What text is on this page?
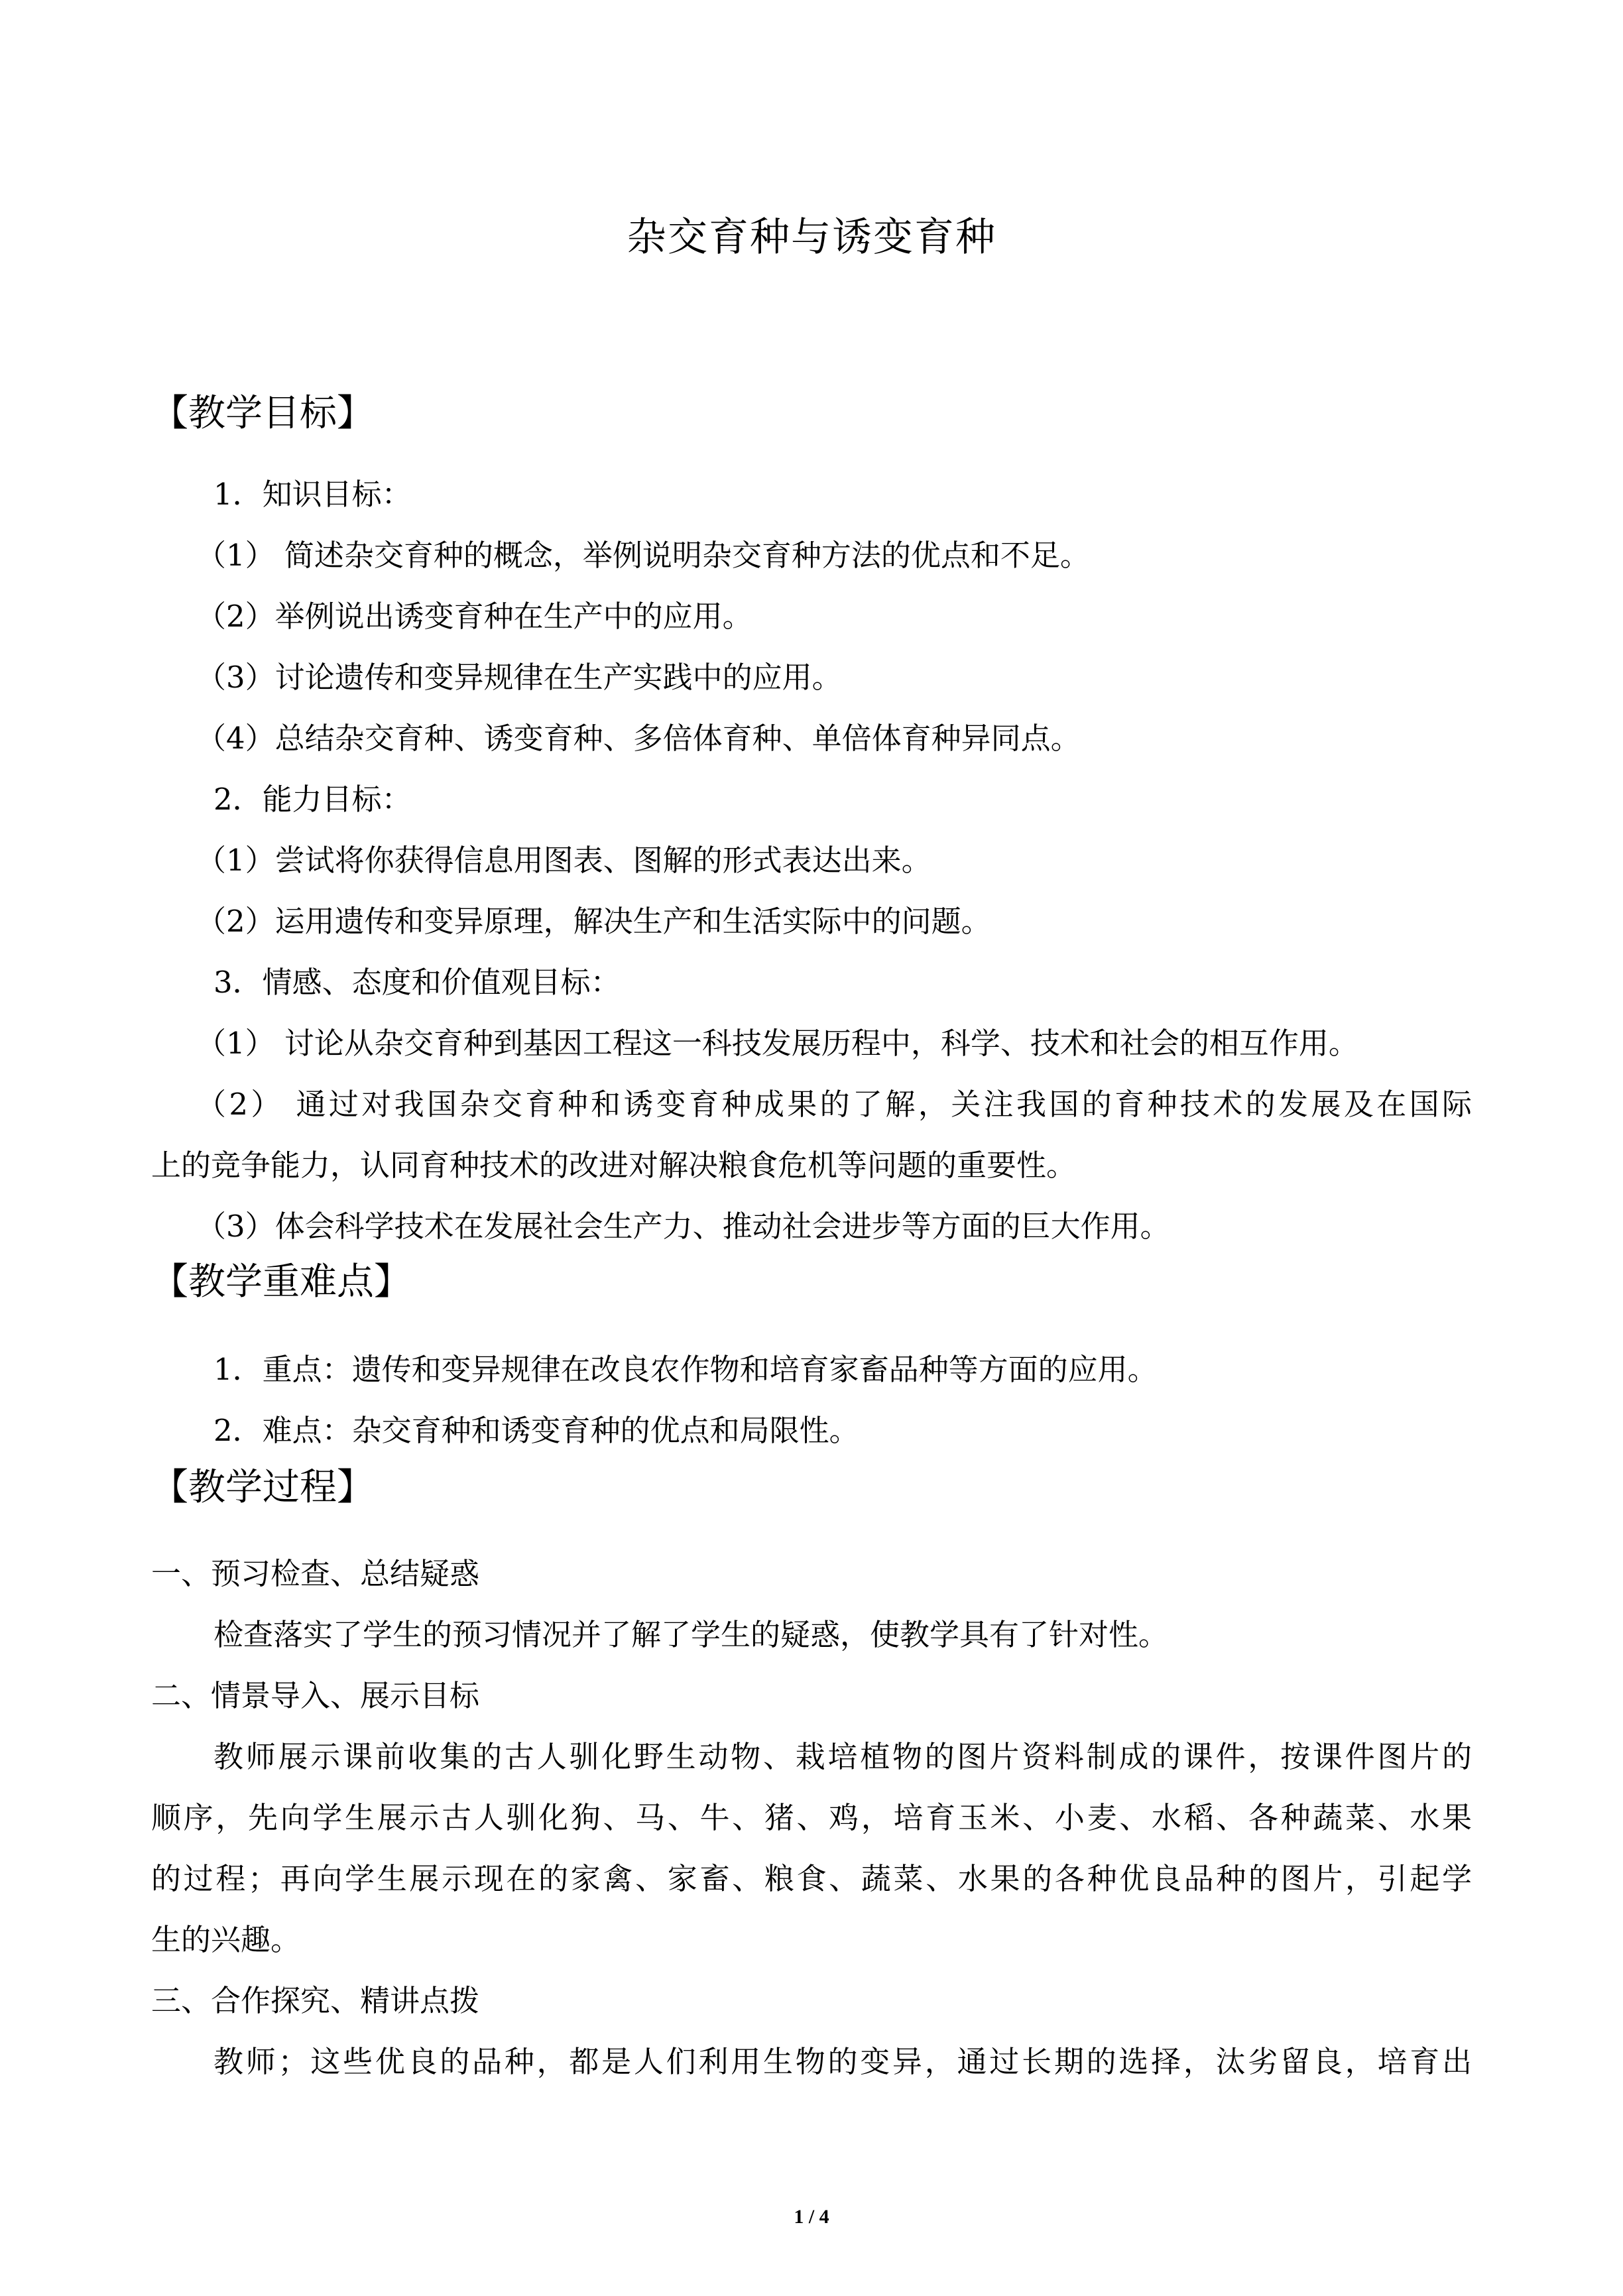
杂交育种与诱变育种
【教学目标】
1．知识目标：
（1） 简述杂交育种的概念，举例说明杂交育种方法的优点和不足。
（2）举例说出诱变育种在生产中的应用。
（3）讨论遗传和变异规律在生产实践中的应用。
（4）总结杂交育种、诱变育种、多倍体育种、单倍体育种异同点。
2．能力目标：
（1）尝试将你获得信息用图表、图解的形式表达出来。
（2）运用遗传和变异原理，解决生产和生活实际中的问题。
3．情感、态度和价值观目标：
（1） 讨论从杂交育种到基因工程这一科技发展历程中，科学、技术和社会的相互作用。
（2） 通过对我国杂交育种和诱变育种成果的了解，关注我国的育种技术的发展及在国际
上的竞争能力，认同育种技术的改进对解决粮食危机等问题的重要性。
（3）体会科学技术在发展社会生产力、推动社会进步等方面的巨大作用。
【教学重难点】
1．重点：遗传和变异规律在改良农作物和培育家畜品种等方面的应用。
2．难点：杂交育种和诱变育种的优点和局限性。
【教学过程】
一、预习检查、总结疑惑
检查落实了学生的预习情况并了解了学生的疑惑，使教学具有了针对性。
二、情景导入、展示目标
教师展示课前收集的古人驯化野生动物、栽培植物的图片资料制成的课件，按课件图片的
顺序，先向学生展示古人驯化狗、马、牛、猪、鸡，培育玉米、小麦、水稻、各种蔬菜、水果
的过程；再向学生展示现在的家禽、家畜、粮食、蔬菜、水果的各种优良品种的图片，引起学
生的兴趣。
三、合作探究、精讲点拨
教师；这些优良的品种，都是人们利用生物的变异，通过长期的选择，汰劣留良，培育出
1 / 4
